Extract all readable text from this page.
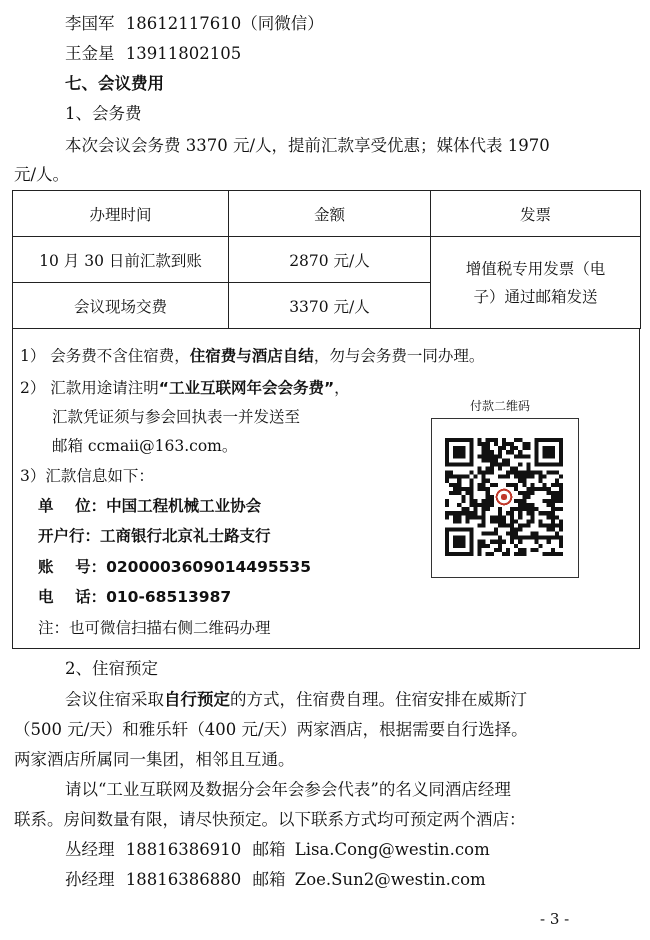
李国军 18612117610（同微信）
王金星 13911802105
七、会议费用
1、会务费
本次会议会务费 3370 元/人，提前汇款享受优惠；媒体代表 1970
元/人。
办理时间	金额	发票
10 月 30 日前汇款到账	2870 元/人	增值税专用发票（电
子）通过邮箱发送

会议现场交费	3370 元/人	
1） 会务费不含住宿费，住宿费与酒店自结，勿与会务费一同办理。
2） 汇款用途请注明“工业互联网年会会务费”，
汇款凭证须与参会回执表一并发送至
邮箱 ccmaii@163.com。
3）汇款信息如下：
单    位：中国工程机械工业协会
开户行：工商银行北京礼士路支行
账    号：0200003609014495535
电    话：010-68513987
注：也可微信扫描右侧二维码办理
付款二维码
2、住宿预定
会议住宿采取自行预定的方式，住宿费自理。住宿安排在威斯汀
（500 元/天）和雅乐轩（400 元/天）两家酒店，根据需要自行选择。
两家酒店所属同一集团，相邻且互通。
请以“工业互联网及数据分会年会参会代表”的名义同酒店经理
联系。房间数量有限，请尽快预定。以下联系方式均可预定两个酒店：
丛经理 18816386910 邮箱 Lisa.Cong@westin.com
孙经理 18816386880 邮箱 Zoe.Sun2@westin.com
- 3 -
